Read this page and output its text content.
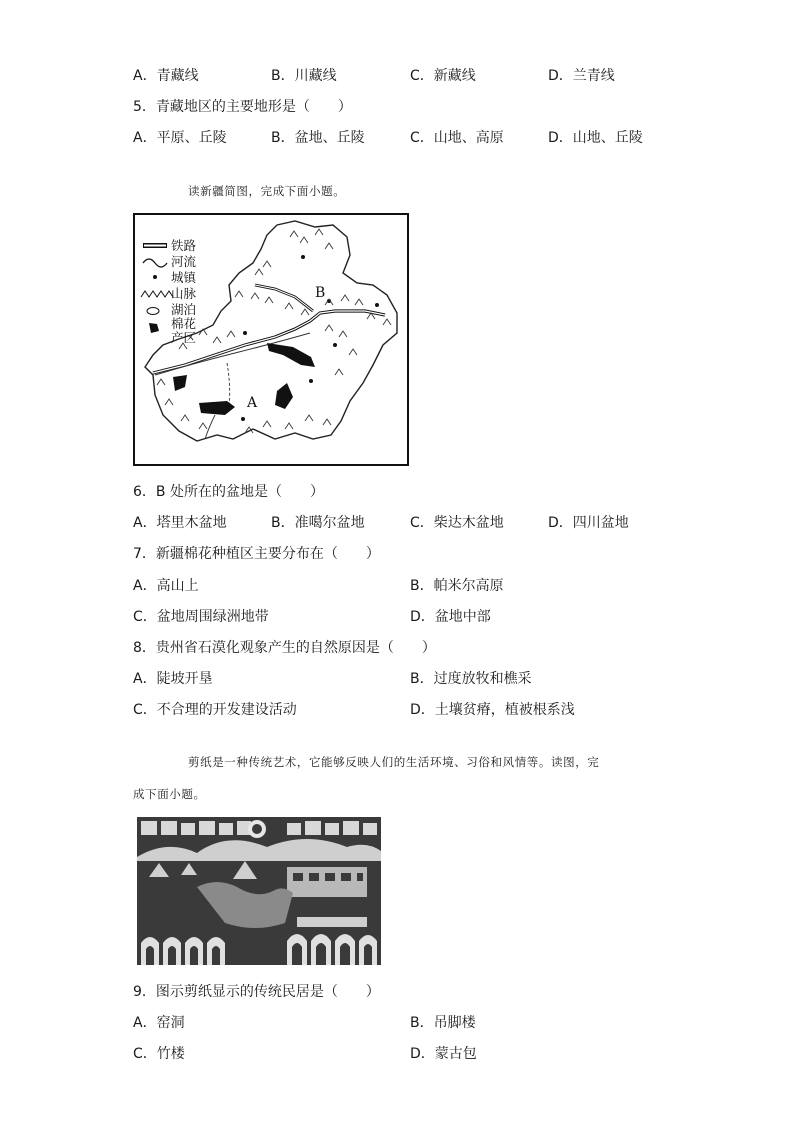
A．青藏线	B．川藏线	C．新藏线	D．兰青线
5．青藏地区的主要地形是（　　）
A．平原、丘陵	B．盆地、丘陵	C．山地、高原	D．山地、丘陵
读新疆简图，完成下面小题。
铁路
河流
城镇
山脉
湖泊
棉花
产区
B
A
6．B 处所在的盆地是（　　）
A．塔里木盆地	B．准噶尔盆地	C．柴达木盆地	D．四川盆地
7．新疆棉花种植区主要分布在（　　）
A．高山上	B．帕米尔高原
C．盆地周围绿洲地带	D．盆地中部
8．贵州省石漠化观象产生的自然原因是（　　）
A．陡坡开垦	B．过度放牧和樵采
C．不合理的开发建设活动	D．土壤贫瘠，植被根系浅
剪纸是一种传统艺术，它能够反映人们的生活环境、习俗和风情等。读图，完
成下面小题。
9．图示剪纸显示的传统民居是（　　）
A．窑洞	B．吊脚楼
C．竹楼	D．蒙古包
